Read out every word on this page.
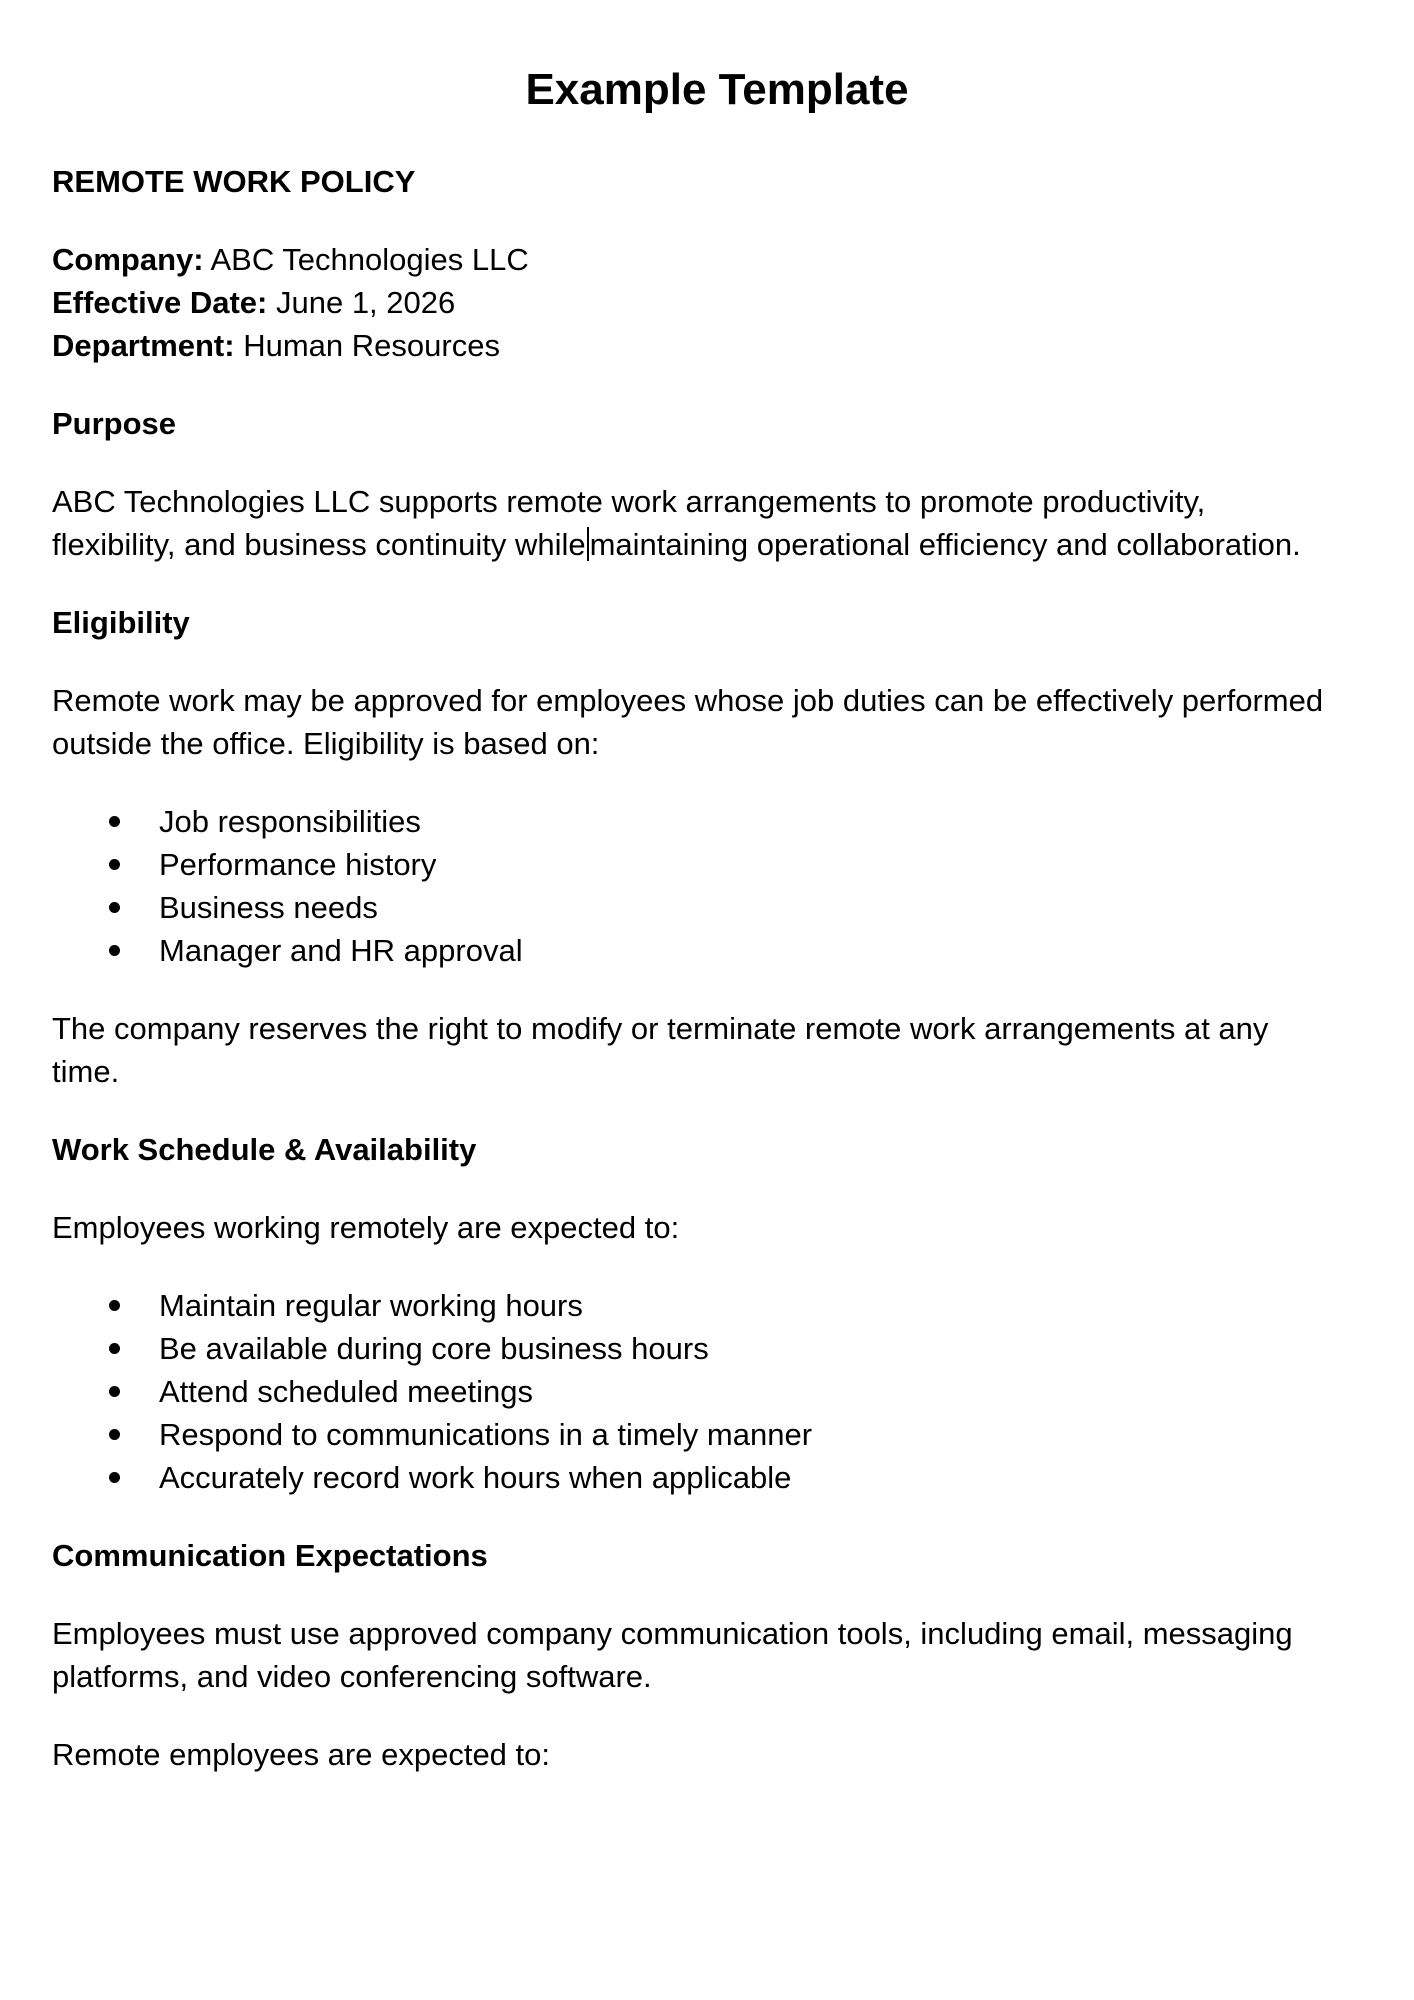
Example Template

REMOTE WORK POLICY

Company: ABC Technologies LLC

Effective Date: June 1, 2026

Department: Human Resources

Purpose

ABC Technologies LLC supports remote work arrangements to promote productivity,

flexibility, and business continuity while maintaining operational efficiency and collaboration.

Eligibility

Remote work may be approved for employees whose job duties can be effectively performed

outside the office. Eligibility is based on:

Job responsibilities
Performance history
Business needs
Manager and HR approval

The company reserves the right to modify or terminate remote work arrangements at any

time.

Work Schedule & Availability

Employees working remotely are expected to:

Maintain regular working hours
Be available during core business hours
Attend scheduled meetings
Respond to communications in a timely manner
Accurately record work hours when applicable

Communication Expectations

Employees must use approved company communication tools, including email, messaging

platforms, and video conferencing software.

Remote employees are expected to:
